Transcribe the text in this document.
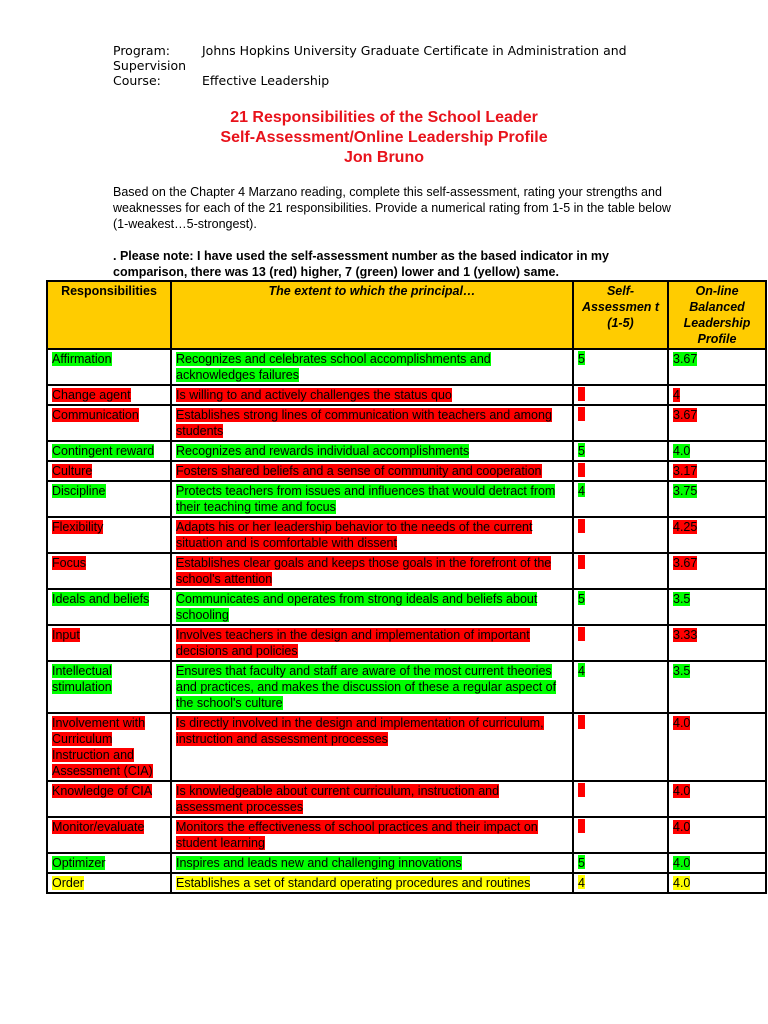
Program:	Johns Hopkins University Graduate Certificate in Administration and
Supervision
Course:	Effective Leadership
21 Responsibilities of the School Leader
Self-Assessment/Online Leadership Profile
Jon Bruno
Based on the Chapter 4 Marzano reading, complete this self-assessment, rating your strengths and weaknesses for each of the 21 responsibilities. Provide a numerical rating from 1-5 in the table below (1-weakest…5-strongest).
. Please note: I have used the self-assessment number as the based indicator in my comparison, there was 13 (red) higher, 7 (green) lower and 1 (yellow) same.
Responsibilities	The extent to which the principal…	Self-Assessmen t (1-5)	On-line Balanced Leadership Profile
Affirmation	Recognizes and celebrates school accomplishments and acknowledges failures	5	3.67
Change agent	Is willing to and actively challenges the status quo		4
Communication	Establishes strong lines of communication with teachers and among students		3.67
Contingent reward	Recognizes and rewards individual accomplishments	5	4.0
Culture	Fosters shared beliefs and a sense of community and cooperation		3.17
Discipline	Protects teachers from issues and influences that would detract from their teaching time and focus	4	3.75
Flexibility	Adapts his or her leadership behavior to the needs of the current situation and is comfortable with dissent		4.25
Focus	Establishes clear goals and keeps those goals in the forefront of the school's attention		3.67
Ideals and beliefs	Communicates and operates from strong ideals and beliefs about schooling	5	3.5
Input	Involves teachers in the design and implementation of important decisions and policies		3.33
Intellectual stimulation	Ensures that faculty and staff are aware of the most current theories and practices, and makes the discussion of these a regular aspect of the school's culture	4	3.5
Involvement with Curriculum Instruction and Assessment (CIA)	Is directly involved in the design and implementation of curriculum, instruction and assessment processes		4.0
Knowledge of CIA	Is knowledgeable about current curriculum, instruction and assessment processes		4.0
Monitor/evaluate	Monitors the effectiveness of school practices and their impact on student learning		4.0
Optimizer	Inspires and leads new and challenging innovations	5	4.0
Order	Establishes a set of standard operating procedures and routines	4	4.0
